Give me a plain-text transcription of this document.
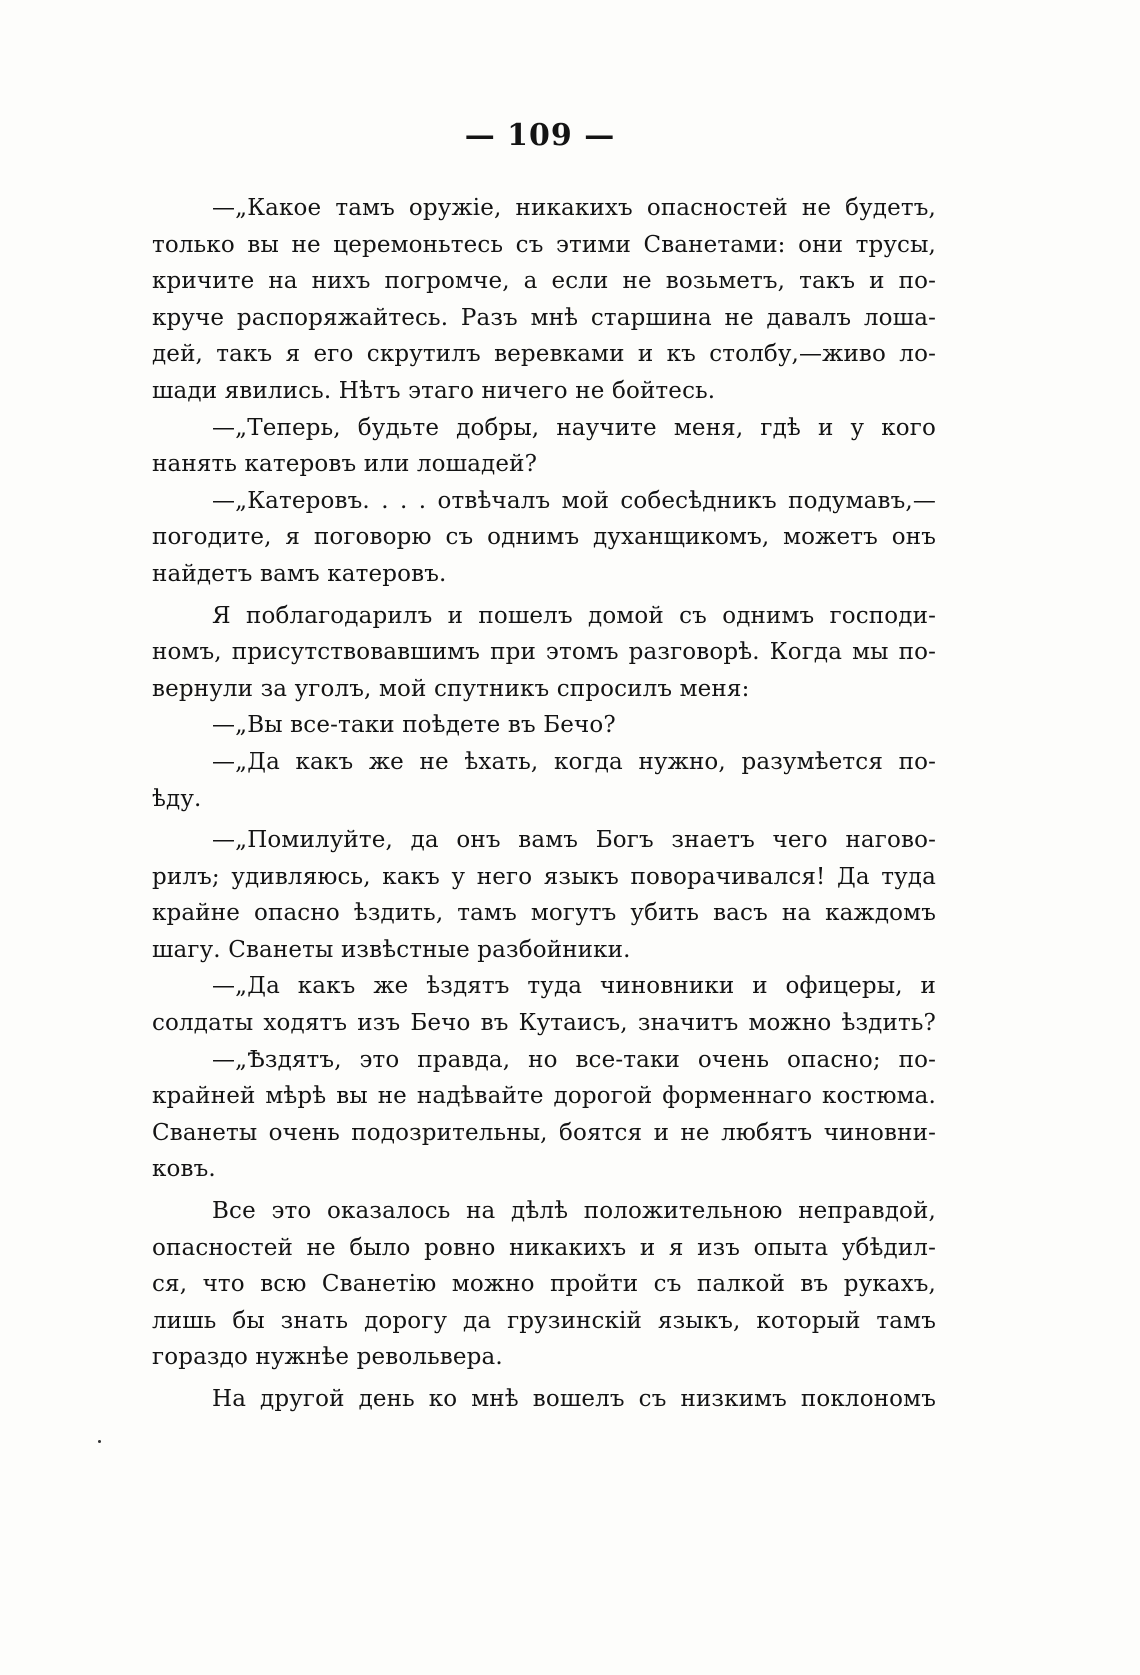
— 109 —
—„Какое тамъ оружіе, никакихъ опасностей не будетъ,
только вы не церемоньтесь съ этими Сванетами: они трусы,
кричите на нихъ погромче, а если не возьметъ, такъ и по-
круче распоряжайтесь. Разъ мнѣ старшина не давалъ лоша-
дей, такъ я его скрутилъ веревками и къ столбу,—живо ло-
шади явились. Нѣтъ этаго ничего не бойтесь.
—„Теперь, будьте добры, научите меня, гдѣ и у кого
нанять катеровъ или лошадей?
—„Катеровъ. . . . отвѣчалъ мой собесѣдникъ подумавъ,—
погодите, я поговорю съ однимъ духанщикомъ, можетъ онъ
найдетъ вамъ катеровъ.
Я поблагодарилъ и пошелъ домой съ однимъ господи-
номъ, присутствовавшимъ при этомъ разговорѣ. Когда мы по-
вернули за уголъ, мой спутникъ спросилъ меня:
—„Вы все-таки поѣдете въ Бечо?
—„Да какъ же не ѣхать, когда нужно, разумѣется по-
ѣду.
—„Помилуйте, да онъ вамъ Богъ знаетъ чего нагово-
рилъ; удивляюсь, какъ у него языкъ поворачивался! Да туда
крайне опасно ѣздить, тамъ могутъ убить васъ на каждомъ
шагу. Сванеты извѣстные разбойники.
—„Да какъ же ѣздятъ туда чиновники и офицеры, и
солдаты ходятъ изъ Бечо въ Кутаисъ, значитъ можно ѣздить?
—„Ѣздятъ, это правда, но все-таки очень опасно; по-
крайней мѣрѣ вы не надѣвайте дорогой форменнаго костюма.
Сванеты очень подозрительны, боятся и не любятъ чиновни-
ковъ.
Все это оказалось на дѣлѣ положительною неправдой,
опасностей не было ровно никакихъ и я изъ опыта убѣдил-
ся, что всю Сванетію можно пройти съ палкой въ рукахъ,
лишь бы знать дорогу да грузинскій языкъ, который тамъ
гораздо нужнѣе револьвера.
На другой день ко мнѣ вошелъ съ низкимъ поклономъ
